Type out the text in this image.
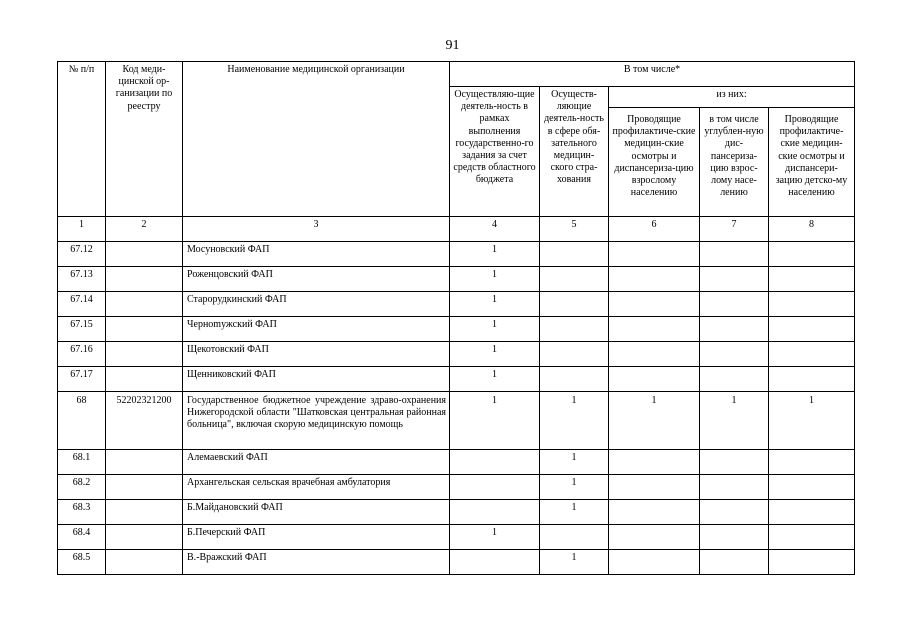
91
№ п/п	Код меди-цинской ор-ганизации по реестру	Наименование медицинской организации	В том числе*				
			Осуществляю-щие деятель-ность в рамках выполнения государственно-го задания за счет средств областного бюджета	Осуществ-ляющие деятель-ность в сфере обя-зательного медицин-ского стра-хования	из них:		
					Проводящие профилактиче-ские медицин-ские осмотры и диспансериза-цию взрослому населению	в том числе углублен-ную дис-пансериза-цию взрос-лому насе-лению	Проводящие профилактиче-ские медицин-ские осмотры и диспансери-зацию детско-му населению
1	2	3	4	5	6	7	8
67.12		Мосуновский ФАП	1				
67.13		Роженцовский ФАП	1				
67.14		Старорудкинский ФАП	1				
67.15		Черноmужский ФАП	1				
67.16		Щекотовский ФАП	1				
67.17		Щенниковский ФАП	1				
68	52202321200	Государственное бюджетное учреждение здраво-охранения Нижегородской области "Шатковская центральная районная больница", включая скорую медицинскую помощь	1	1	1	1	1
68.1		Алемаевский ФАП		1			
68.2		Архангельская сельская врачебная амбулатория		1			
68.3		Б.Майдановский ФАП		1			
68.4		Б.Печерский ФАП	1				
68.5		В.-Вражский ФАП		1			
